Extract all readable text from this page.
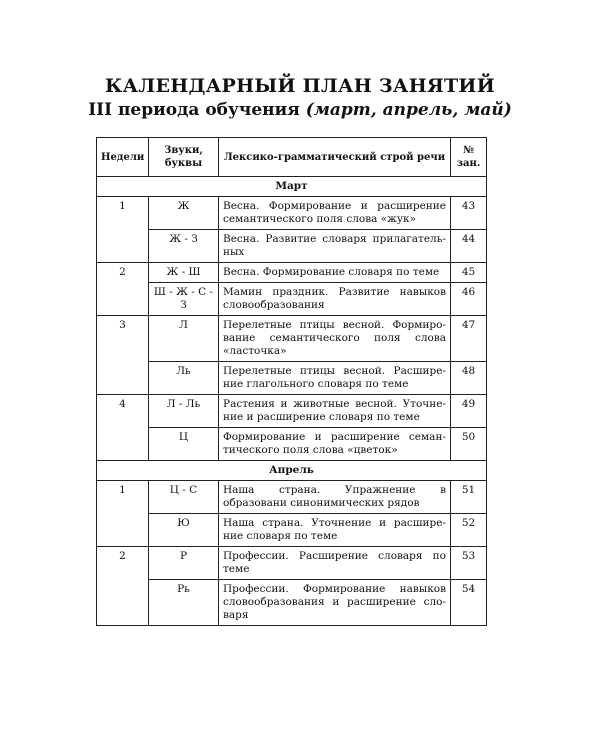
КАЛЕНДАРНЫЙ ПЛАН ЗАНЯТИЙ
III периода обучения (март, апрель, май)
Недели	Звуки, буквы	Лексико-грамматический строй речи	№ зан.
Март			
1	Ж	Весна. Формирование и расширение семантического поля слова «жук»	43
	Ж - З	Весна. Развитие словаря прилагатель-ных	44
2	Ж - Ш	Весна. Формирование словаря по теме	45
	Ш - Ж - С - З	Мамин праздник. Развитие навыков словообразования	46
3	Л	Перелетные птицы весной. Формиро-вание семантического поля слова «ласточка»	47
	Ль	Перелетные птицы весной. Расшире-ние глагольного словаря по теме	48
4	Л - Ль	Растения и животные весной. Уточне-ние и расширение словаря по теме	49
	Ц	Формирование и расширение семан-тического поля слова «цветок»	50
Апрель			
1	Ц - С	Наша страна. Упражнение в образовани синонимических рядов	51
	Ю	Наша страна. Уточнение и расшире-ние словаря по теме	52
2	Р	Профессии. Расширение словаря по теме	53
	Рь	Профессии. Формирование навыков словообразования и расширение сло-варя	54
